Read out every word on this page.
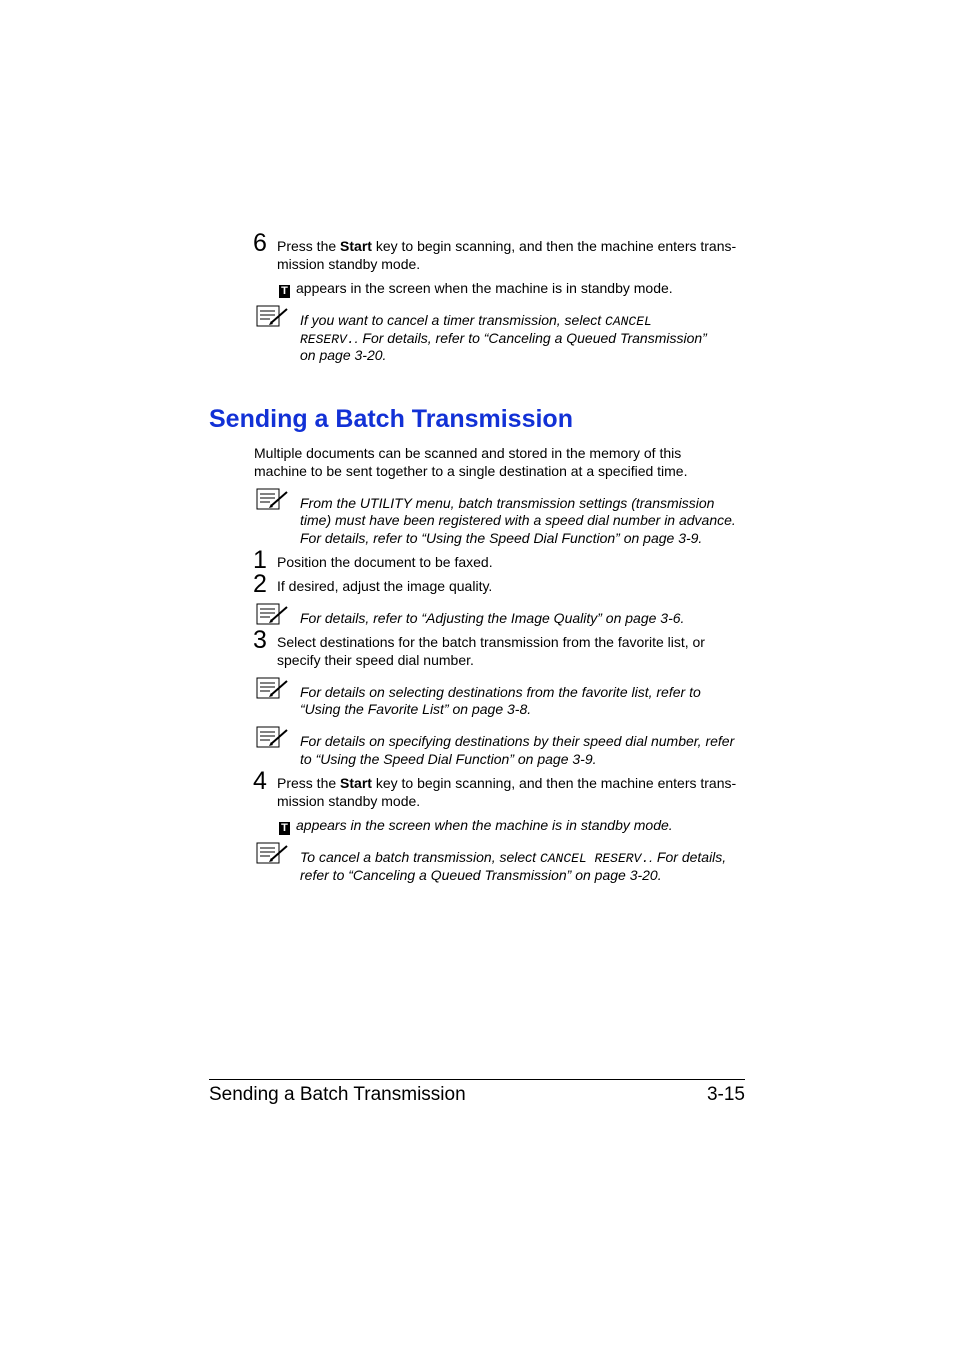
6 Press the Start key to begin scanning, and then the machine enters trans-
mission standby mode.
T appears in the screen when the machine is in standby mode.
If you want to cancel a timer transmission, select CANCEL
RESERV.. For details, refer to “Canceling a Queued Transmission”
on page 3-20.
Sending a Batch Transmission
Multiple documents can be scanned and stored in the memory of this
machine to be sent together to a single destination at a specified time.
From the UTILITY menu, batch transmission settings (transmission
time) must have been registered with a speed dial number in advance.
For details, refer to “Using the Speed Dial Function” on page 3-9.
1 Position the document to be faxed.
2 If desired, adjust the image quality.
For details, refer to “Adjusting the Image Quality” on page 3-6.
3 Select destinations for the batch transmission from the favorite list, or
specify their speed dial number.
For details on selecting destinations from the favorite list, refer to
“Using the Favorite List” on page 3-8.
For details on specifying destinations by their speed dial number, refer
to “Using the Speed Dial Function” on page 3-9.
4 Press the Start key to begin scanning, and then the machine enters trans-
mission standby mode.
T appears in the screen when the machine is in standby mode.
To cancel a batch transmission, select CANCEL RESERV.. For details,
refer to “Canceling a Queued Transmission” on page 3-20.
Sending a Batch Transmission	3-15
